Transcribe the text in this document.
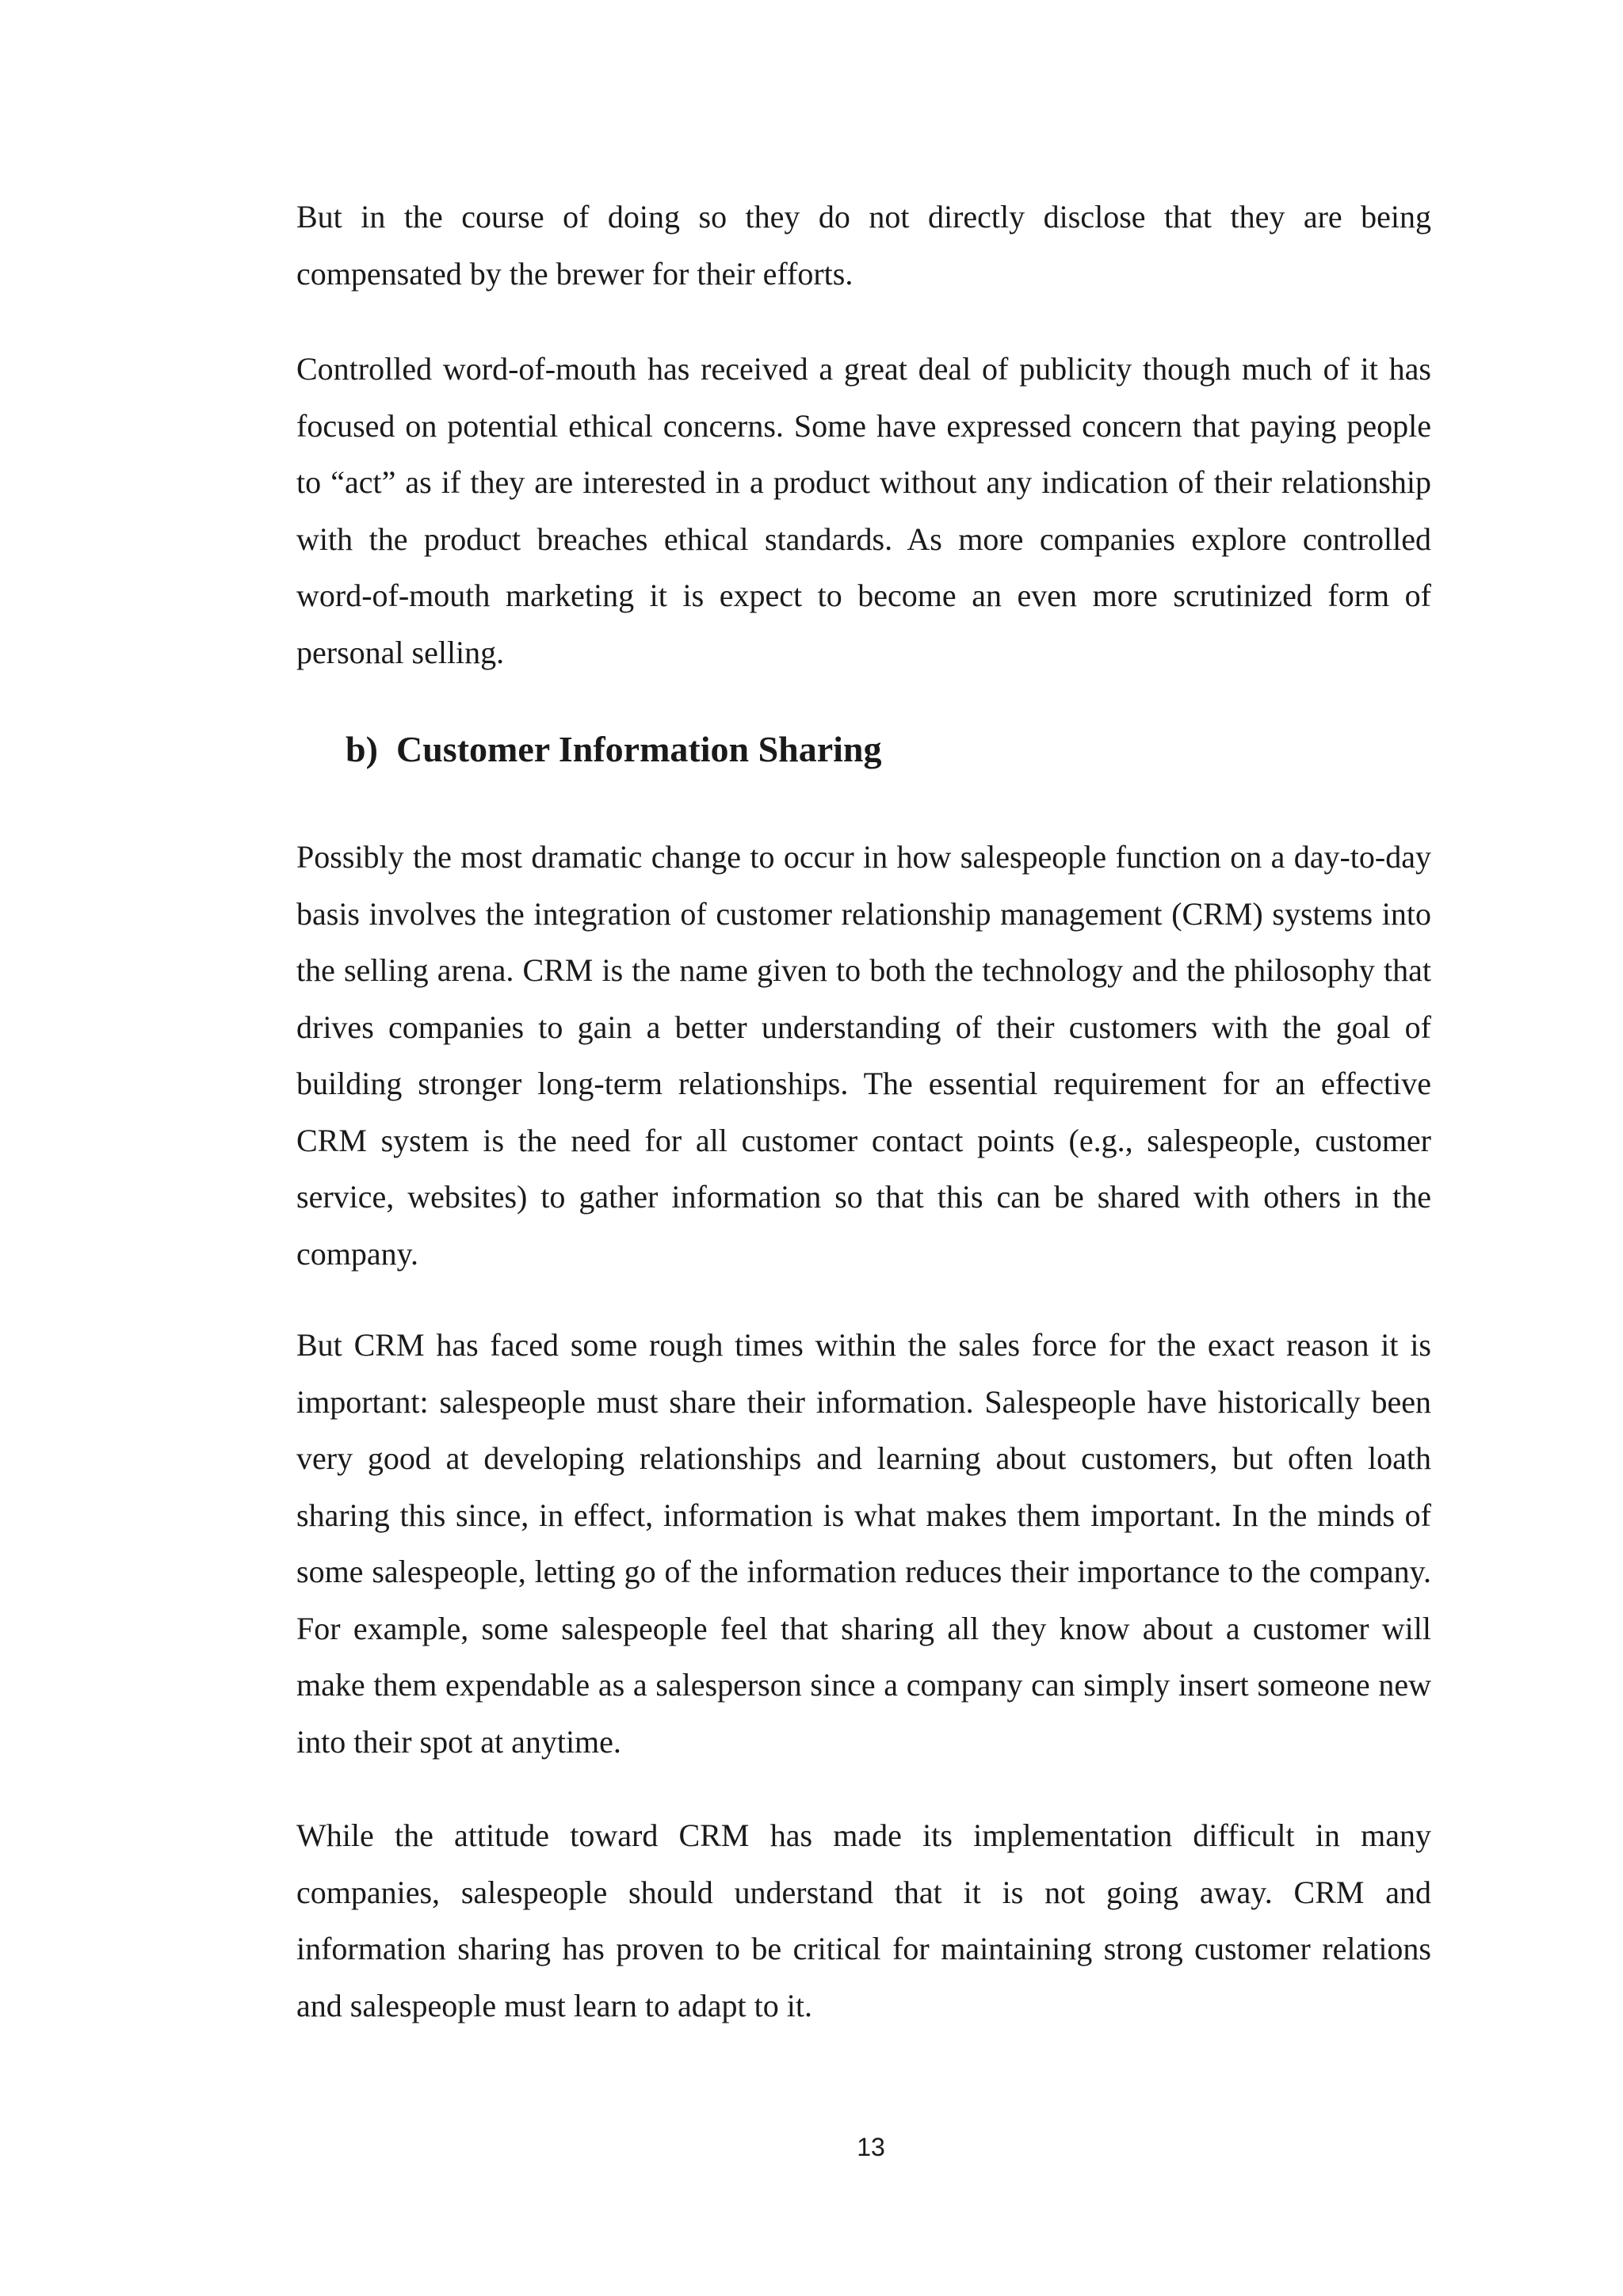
But in the course of doing so they do not directly disclose that they are being compensated by the brewer for their efforts.

Controlled word-of-mouth has received a great deal of publicity though much of it has focused on potential ethical concerns. Some have expressed concern that paying people to “act” as if they are interested in a product without any indication of their relationship with the product breaches ethical standards. As more companies explore controlled word-of-mouth marketing it is expect to become an even more scrutinized form of personal selling.

b) Customer Information Sharing

Possibly the most dramatic change to occur in how salespeople function on a day-to-day basis involves the integration of customer relationship management (CRM) systems into the selling arena. CRM is the name given to both the technology and the philosophy that drives companies to gain a better understanding of their customers with the goal of building stronger long-term relationships. The essential requirement for an effective CRM system is the need for all customer contact points (e.g., salespeople, customer service, websites) to gather information so that this can be shared with others in the company.

But CRM has faced some rough times within the sales force for the exact reason it is important: salespeople must share their information. Salespeople have historically been very good at developing relationships and learning about customers, but often loath sharing this since, in effect, information is what makes them important. In the minds of some salespeople, letting go of the information reduces their importance to the company. For example, some salespeople feel that sharing all they know about a customer will make them expendable as a salesperson since a company can simply insert someone new into their spot at anytime.

While the attitude toward CRM has made its implementation difficult in many companies, salespeople should understand that it is not going away. CRM and information sharing has proven to be critical for maintaining strong customer relations and salespeople must learn to adapt to it.

13
